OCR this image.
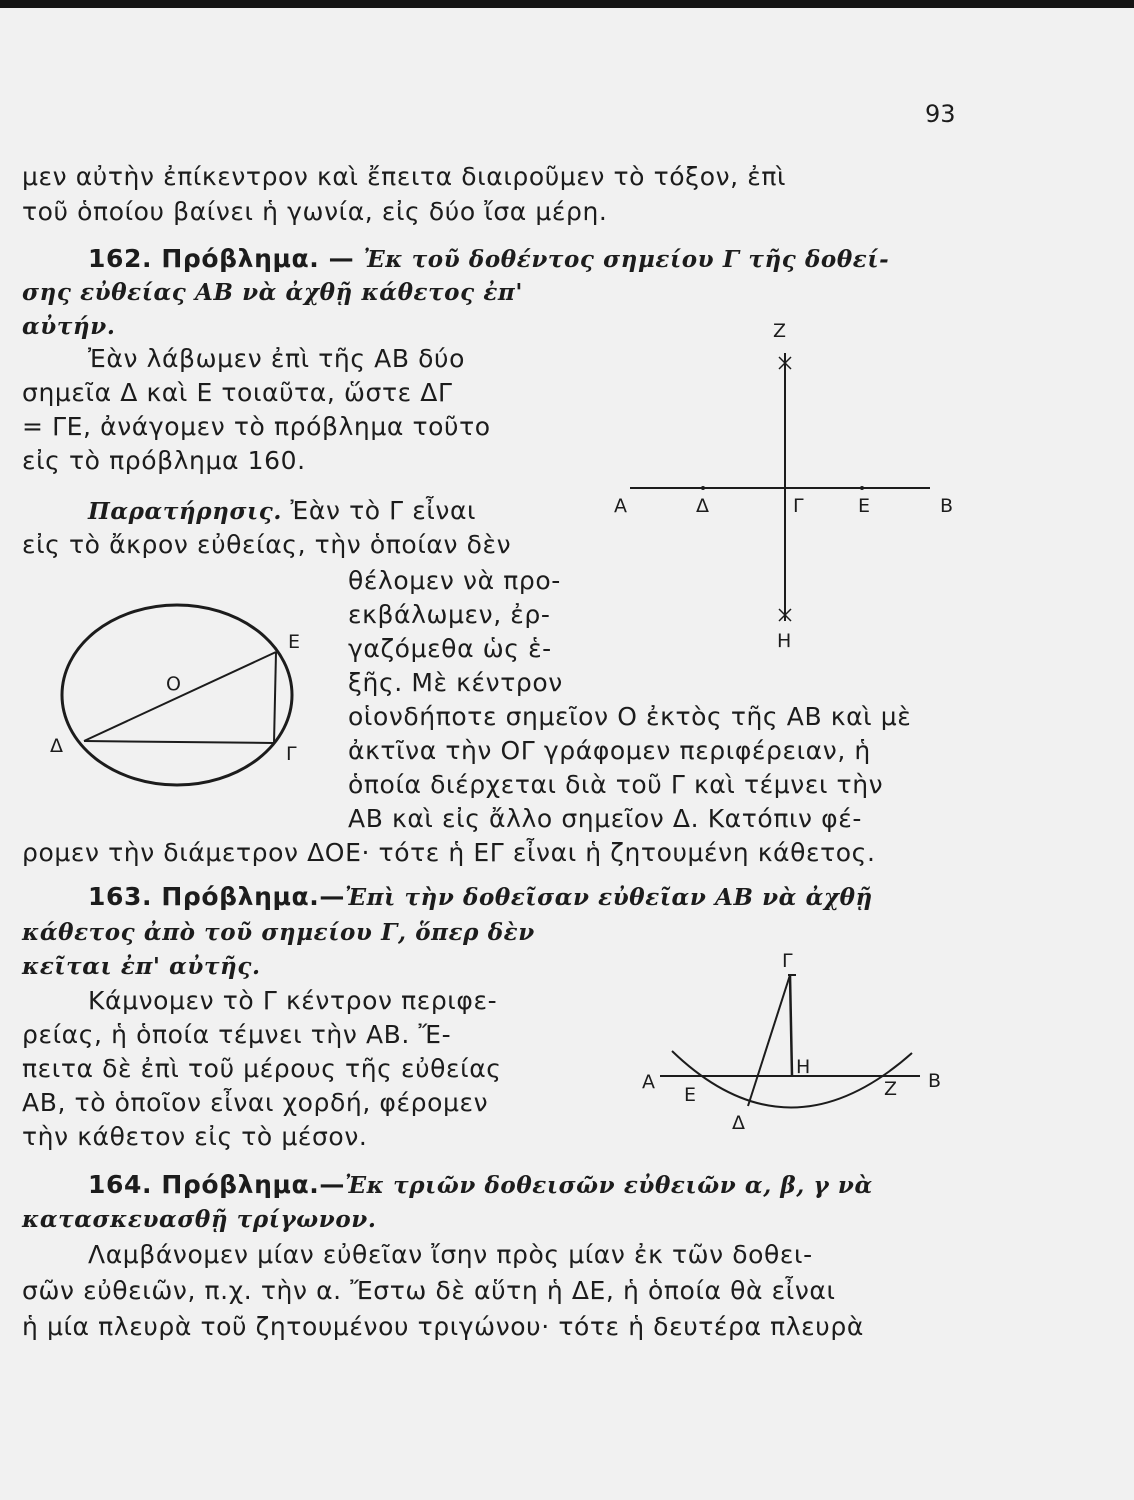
93
μεν αὐτὴν ἐπίκεντρον καὶ ἔπειτα διαιροῦμεν τὸ τόξον, ἐπὶ
τοῦ ὁποίου βαίνει ἡ γωνία, εἰς δύο ἴσα μέρη.
162. Πρόβλημα. — Ἐκ τοῦ δοθέντος σημείου Γ τῆς δοθεί-
σης εὐθείας ΑΒ νὰ ἀχθῇ κάθετος ἐπ'
αὐτήν.
Ἐὰν λάβωμεν ἐπὶ τῆς ΑΒ δύο
σημεῖα Δ καὶ Ε τοιαῦτα, ὥστε ΔΓ
= ΓΕ, ἀνάγομεν τὸ πρόβλημα τοῦτο
εἰς τὸ πρόβλημα 160.
Παρατήρησις. Ἐὰν τὸ Γ εἶναι
εἰς τὸ ἄκρον εὐθείας, τὴν ὁποίαν δὲν
θέλομεν νὰ προ-
εκβάλωμεν, ἐρ-
γαζόμεθα ὡς ἑ-
ξῆς. Μὲ κέντρον
οἱονδήποτε σημεῖον Ο ἐκτὸς τῆς ΑΒ καὶ μὲ
ἀκτῖνα τὴν ΟΓ γράφομεν περιφέρειαν, ἡ
ὁποία διέρχεται διὰ τοῦ Γ καὶ τέμνει τὴν
ΑΒ καὶ εἰς ἄλλο σημεῖον Δ. Κατόπιν φέ-
ρομεν τὴν διάμετρον ΔΟΕ· τότε ἡ ΕΓ εἶναι ἡ ζητουμένη κάθετος.
163. Πρόβλημα.—Ἐπὶ τὴν δοθεῖσαν εὐθεῖαν ΑΒ νὰ ἀχθῇ
κάθετος ἀπὸ τοῦ σημείου Γ, ὅπερ δὲν
κεῖται ἐπ' αὐτῆς.
Κάμνομεν τὸ Γ κέντρον περιφε-
ρείας, ἡ ὁποία τέμνει τὴν ΑΒ. Ἔ-
πειτα δὲ ἐπὶ τοῦ μέρους τῆς εὐθείας
ΑΒ, τὸ ὁποῖον εἶναι χορδή, φέρομεν
τὴν κάθετον εἰς τὸ μέσον.
164. Πρόβλημα.—Ἐκ τριῶν δοθεισῶν εὐθειῶν α, β, γ νὰ
κατασκευασθῇ τρίγωνον.
Λαμβάνομεν μίαν εὐθεῖαν ἴσην πρὸς μίαν ἐκ τῶν δοθει-
σῶν εὐθειῶν, π.χ. τὴν α. Ἔστω δὲ αὕτη ἡ ΔΕ, ἡ ὁποία θὰ εἶναι
ἡ μία πλευρὰ τοῦ ζητουμένου τριγώνου· τότε ἡ δευτέρα πλευρὰ
Z
Α	Δ	Γ	Ε	Β
Η
Ε
Ο
Δ	Γ
Γ
Α
Ε
Η
Ζ Β
Δ
